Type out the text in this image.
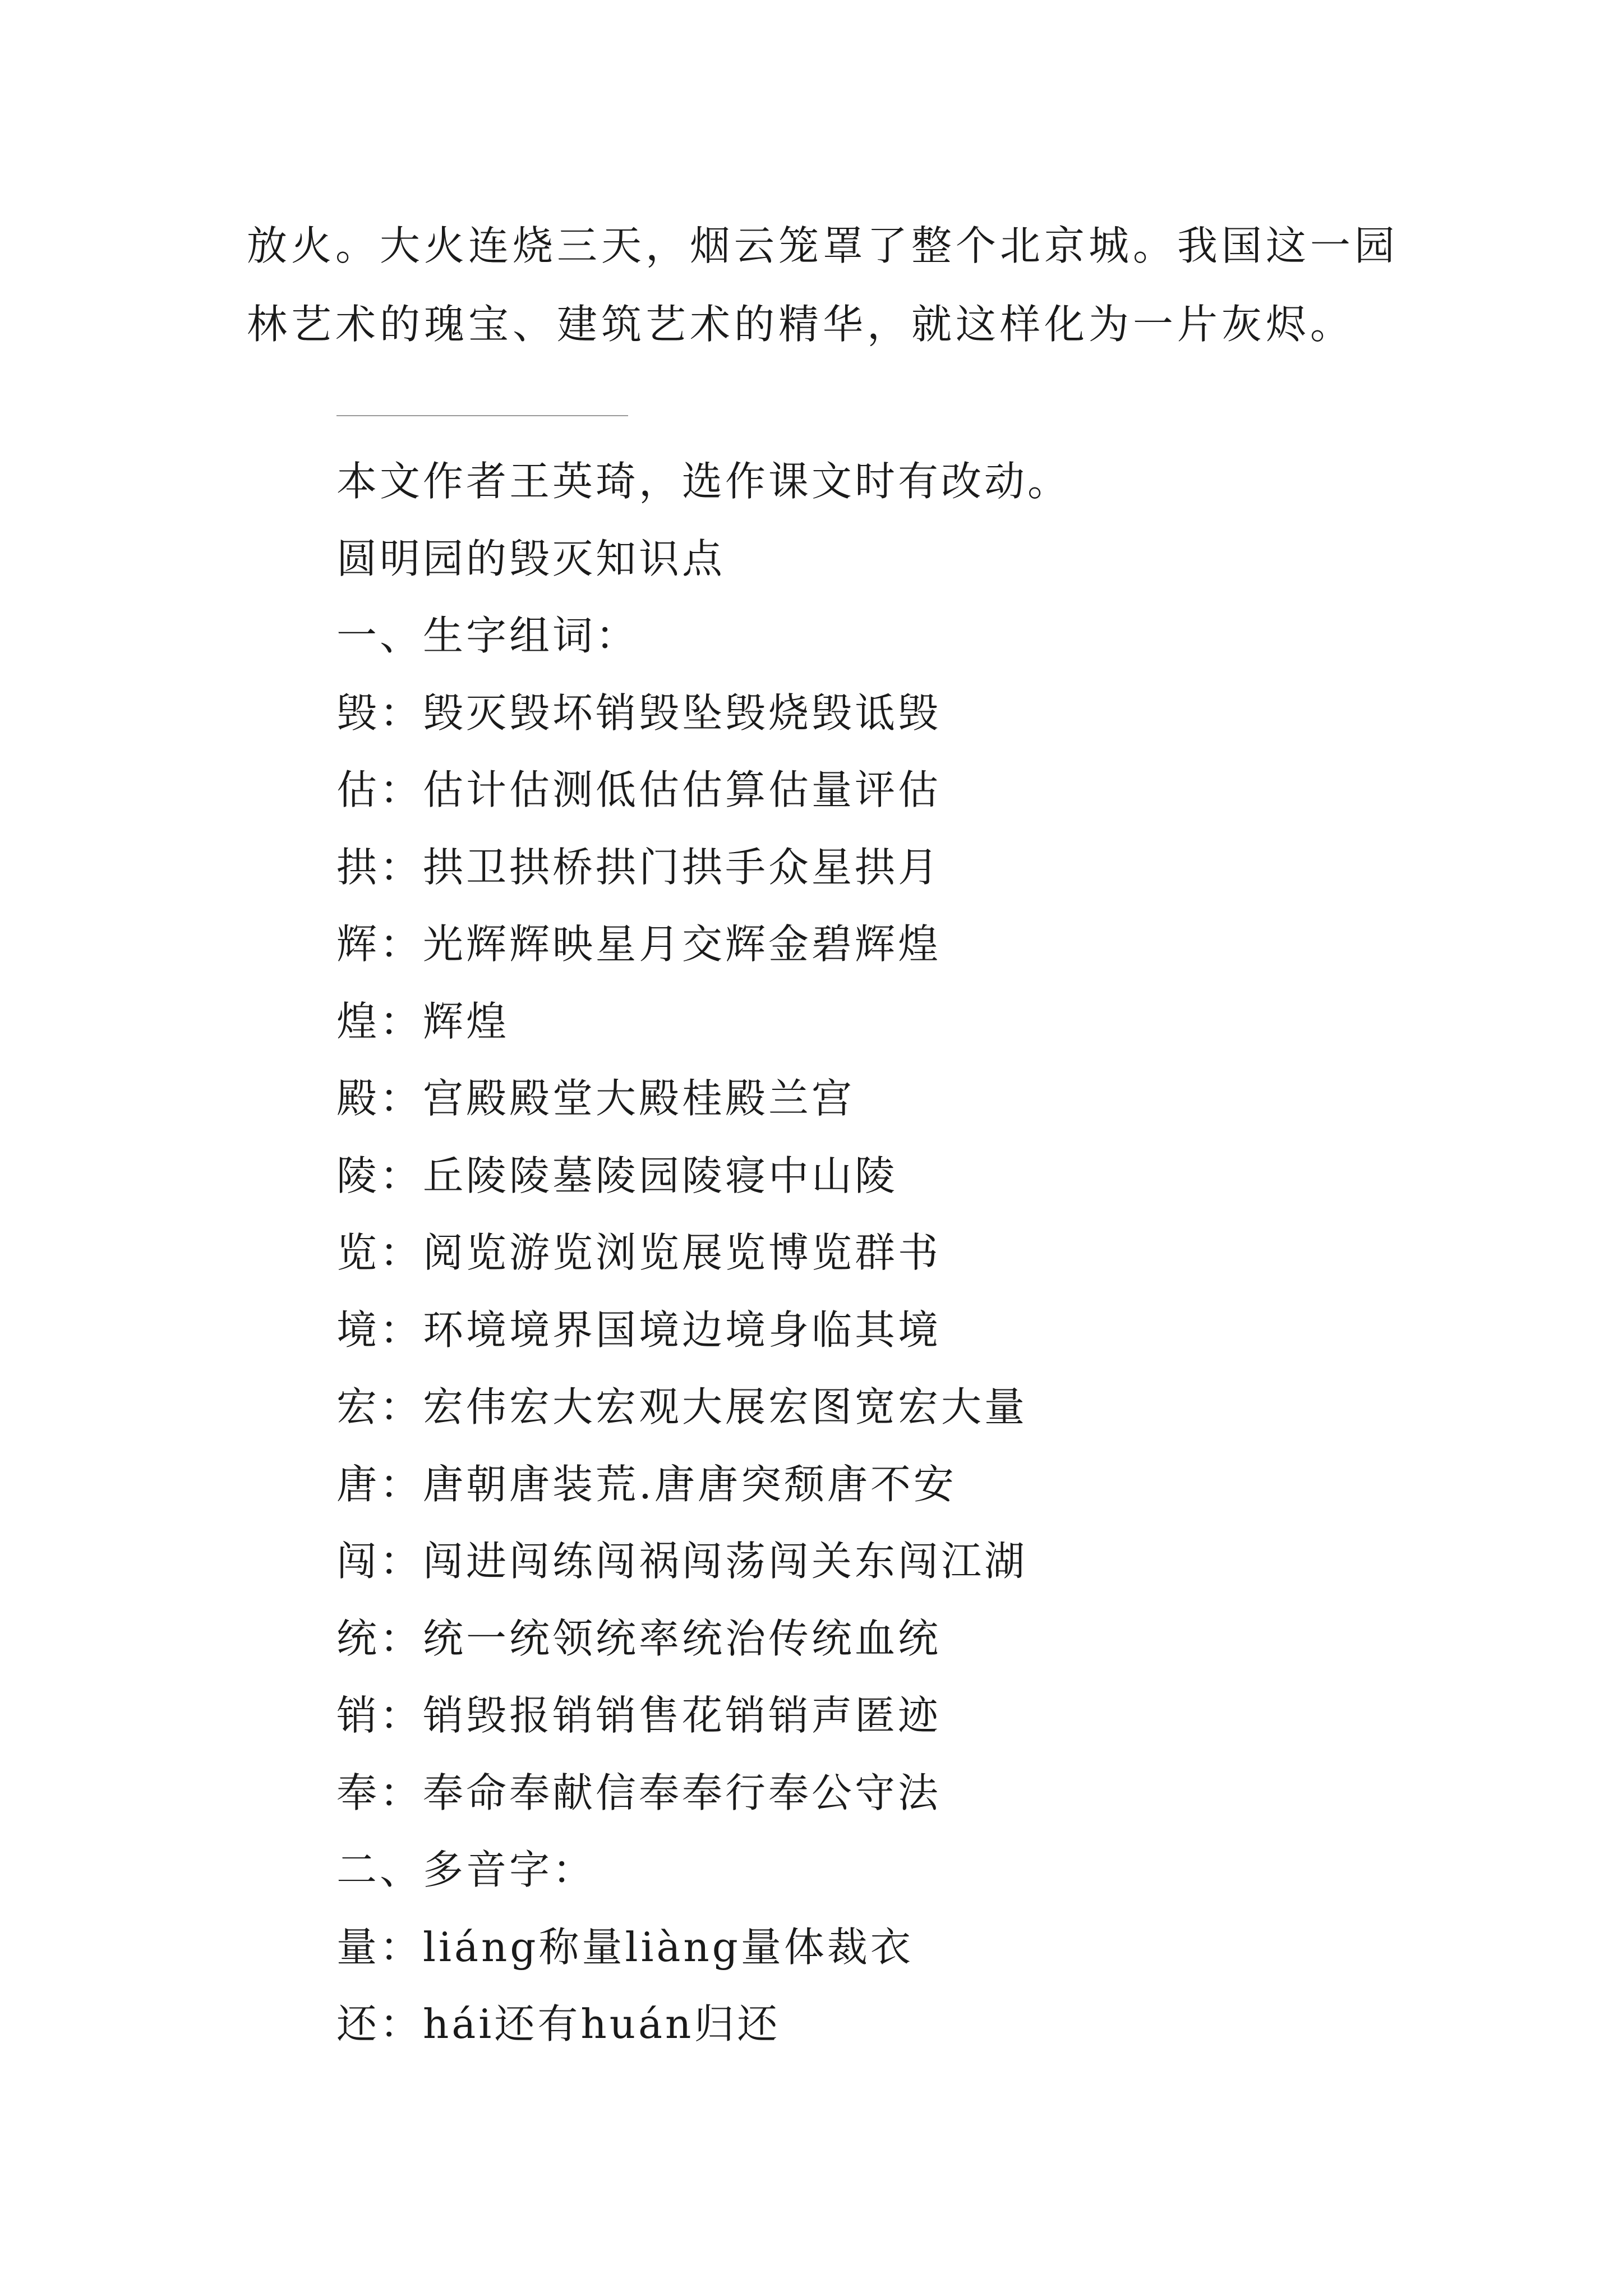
放火。大火连烧三天，烟云笼罩了整个北京城。我国这一园
林艺术的瑰宝、建筑艺术的精华，就这样化为一片灰烬。
本文作者王英琦，选作课文时有改动。
圆明园的毁灭知识点
一、生字组词：
毁：毁灭毁坏销毁坠毁烧毁诋毁
估：估计估测低估估算估量评估
拱：拱卫拱桥拱门拱手众星拱月
辉：光辉辉映星月交辉金碧辉煌
煌：辉煌
殿：宫殿殿堂大殿桂殿兰宫
陵：丘陵陵墓陵园陵寝中山陵
览：阅览游览浏览展览博览群书
境：环境境界国境边境身临其境
宏：宏伟宏大宏观大展宏图宽宏大量
唐：唐朝唐装荒.唐唐突颓唐不安
闯：闯进闯练闯祸闯荡闯关东闯江湖
统：统一统领统率统治传统血统
销：销毁报销销售花销销声匿迹
奉：奉命奉献信奉奉行奉公守法
二、多音字：
量：liáng称量liàng量体裁衣
还：hái还有huán归还
